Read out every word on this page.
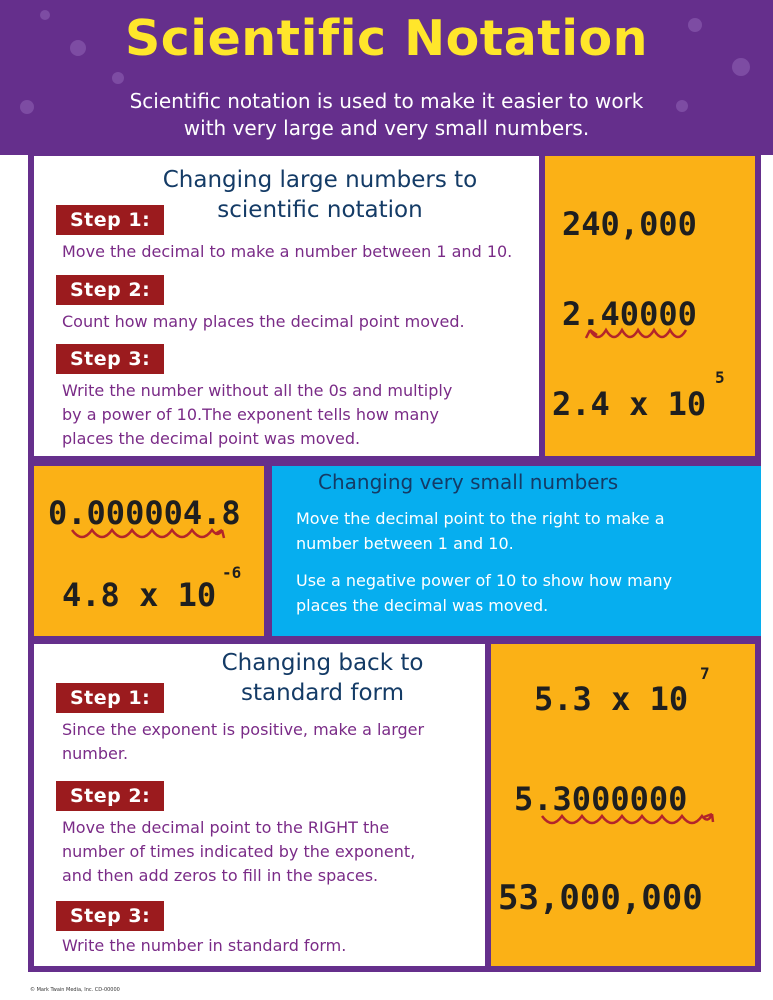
Scientific Notation
Scientific notation is used to make it easier to work
with very large and very small numbers.
Changing large numbers to
scientific notation
Step 1:
Move the decimal to make a number between 1 and 10.
Step 2:
Count how many places the decimal point moved.
Step 3:
Write the number without all the 0s and multiply
by a power of 10.The exponent tells how many
places the decimal point was moved.
240,000
2.40000
2.4 x 10
5
0.000004.8
4.8 x 10
-6
Changing very small numbers
Move the decimal point to the right to make a
number between 1 and 10.
Use a negative power of 10 to show how many
places the decimal was moved.
Changing back to
standard form
Step 1:
Since the exponent is positive, make a larger
number.
Step 2:
Move the decimal point to the RIGHT the
number of times indicated by the exponent,
and then add zeros to fill in the spaces.
Step 3:
Write the number in standard form.
5.3 x 10
7
5.3000000
53,000,000
© Mark Twain Media, Inc. CD-00000
